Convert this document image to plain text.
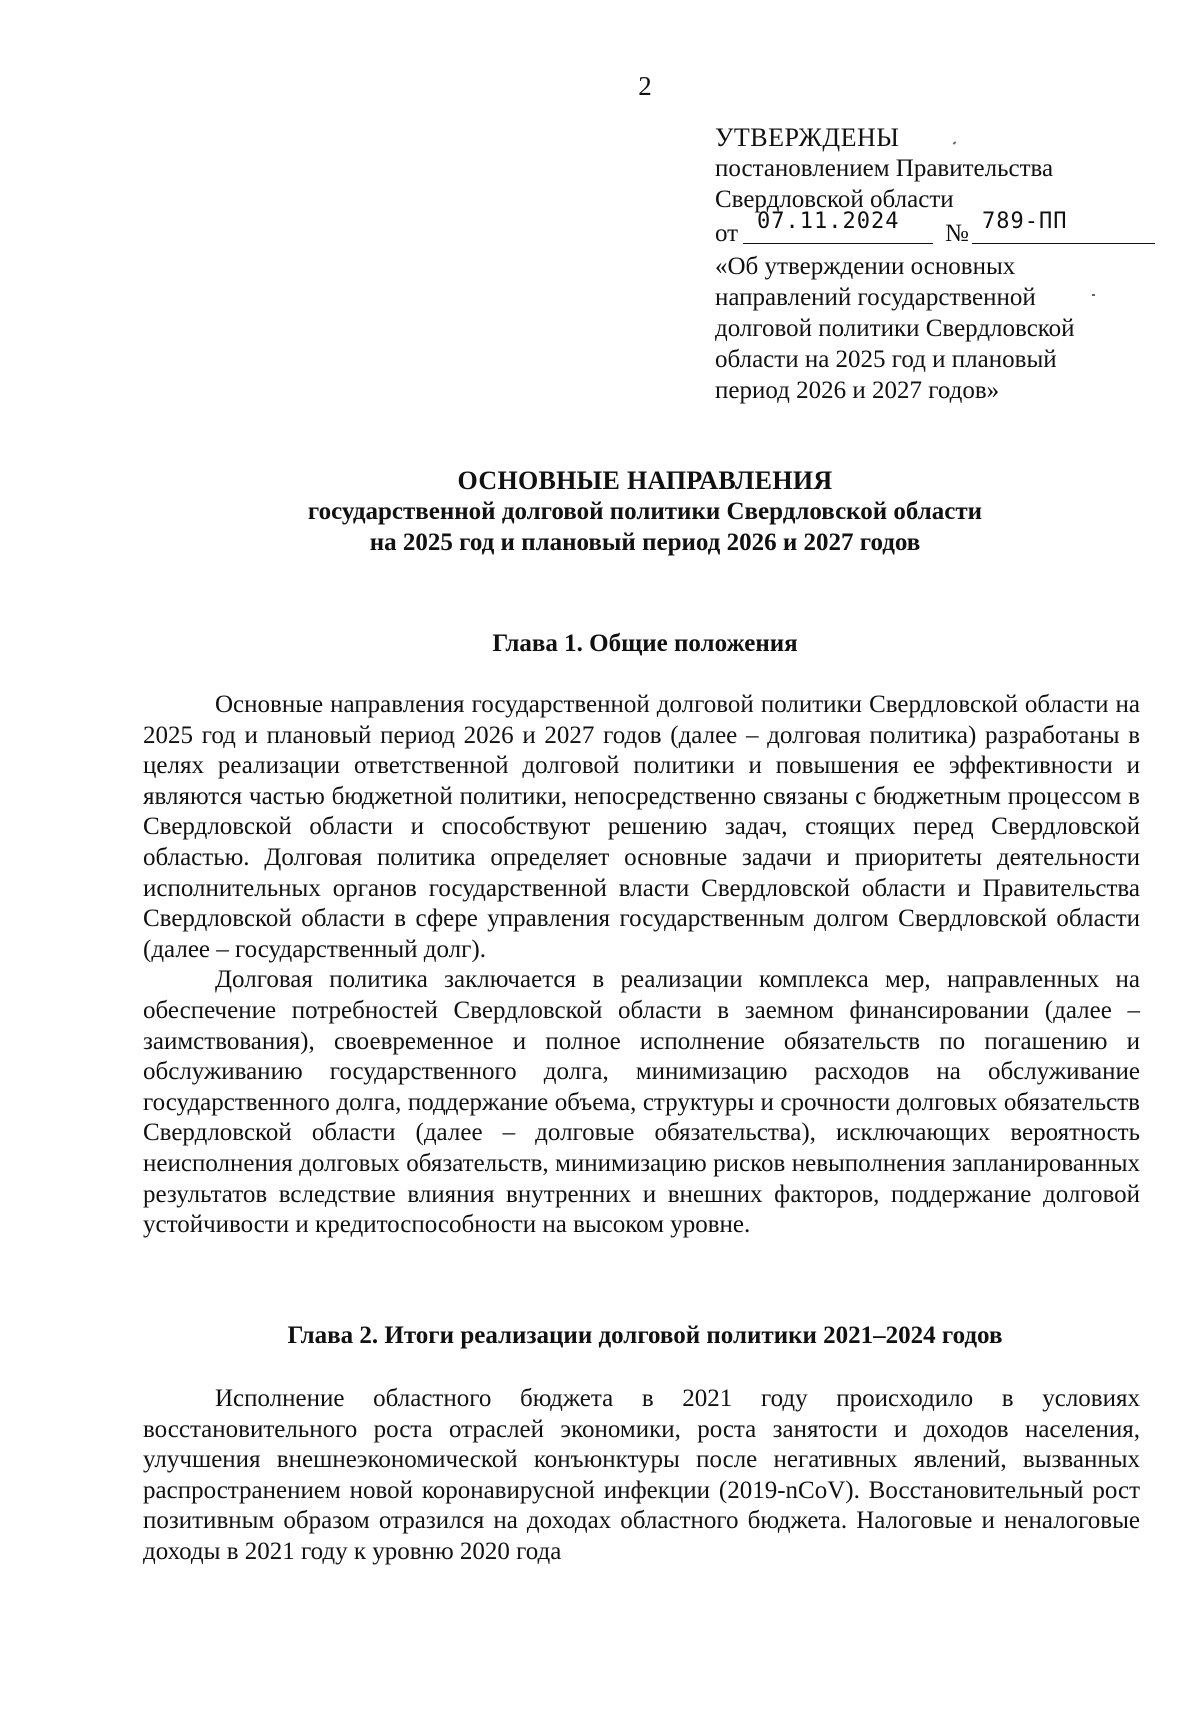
2
УТВЕРЖДЕНЫ
постановлением Правительства
Свердловской области
от 07.11.2024	№ 789-ПП
«Об утверждении основных
направлений государственной
долговой политики Свердловской
области на 2025 год и плановый
период 2026 и 2027 годов»
ОСНОВНЫЕ НАПРАВЛЕНИЯ
государственной долговой политики Свердловской области
на 2025 год и плановый период 2026 и 2027 годов
Глава 1. Общие положения

Основные направления государственной долговой политики Свердловской области на 2025 год и плановый период 2026 и 2027 годов (далее – долговая политика) разработаны в целях реализации ответственной долговой политики и повышения ее эффективности и являются частью бюджетной политики, непосредственно связаны с бюджетным процессом в Свердловской области и способствуют решению задач, стоящих перед Свердловской областью. Долговая политика определяет основные задачи и приоритеты деятельности исполнительных органов государственной власти Свердловской области и Правительства Свердловской области в сфере управления государственным долгом Свердловской области (далее – государственный долг).

Долговая политика заключается в реализации комплекса мер, направленных на обеспечение потребностей Свердловской области в заемном финансировании (далее – заимствования), своевременное и полное исполнение обязательств по погашению и обслуживанию государственного долга, минимизацию расходов на обслуживание государственного долга, поддержание объема, структуры и срочности долговых обязательств Свердловской области (далее – долговые обязательства), исключающих вероятность неисполнения долговых обязательств, минимизацию рисков невыполнения запланированных результатов вследствие влияния внутренних и внешних факторов, поддержание долговой устойчивости и кредитоспособности на высоком уровне.

Глава 2. Итоги реализации долговой политики 2021–2024 годов

Исполнение областного бюджета в 2021 году происходило в условиях восстановительного роста отраслей экономики, роста занятости и доходов населения, улучшения внешнеэкономической конъюнктуры после негативных явлений, вызванных распространением новой коронавирусной инфекции (2019-nCoV). Восстановительный рост позитивным образом отразился на доходах областного бюджета. Налоговые и неналоговые доходы в 2021 году к уровню 2020 года
